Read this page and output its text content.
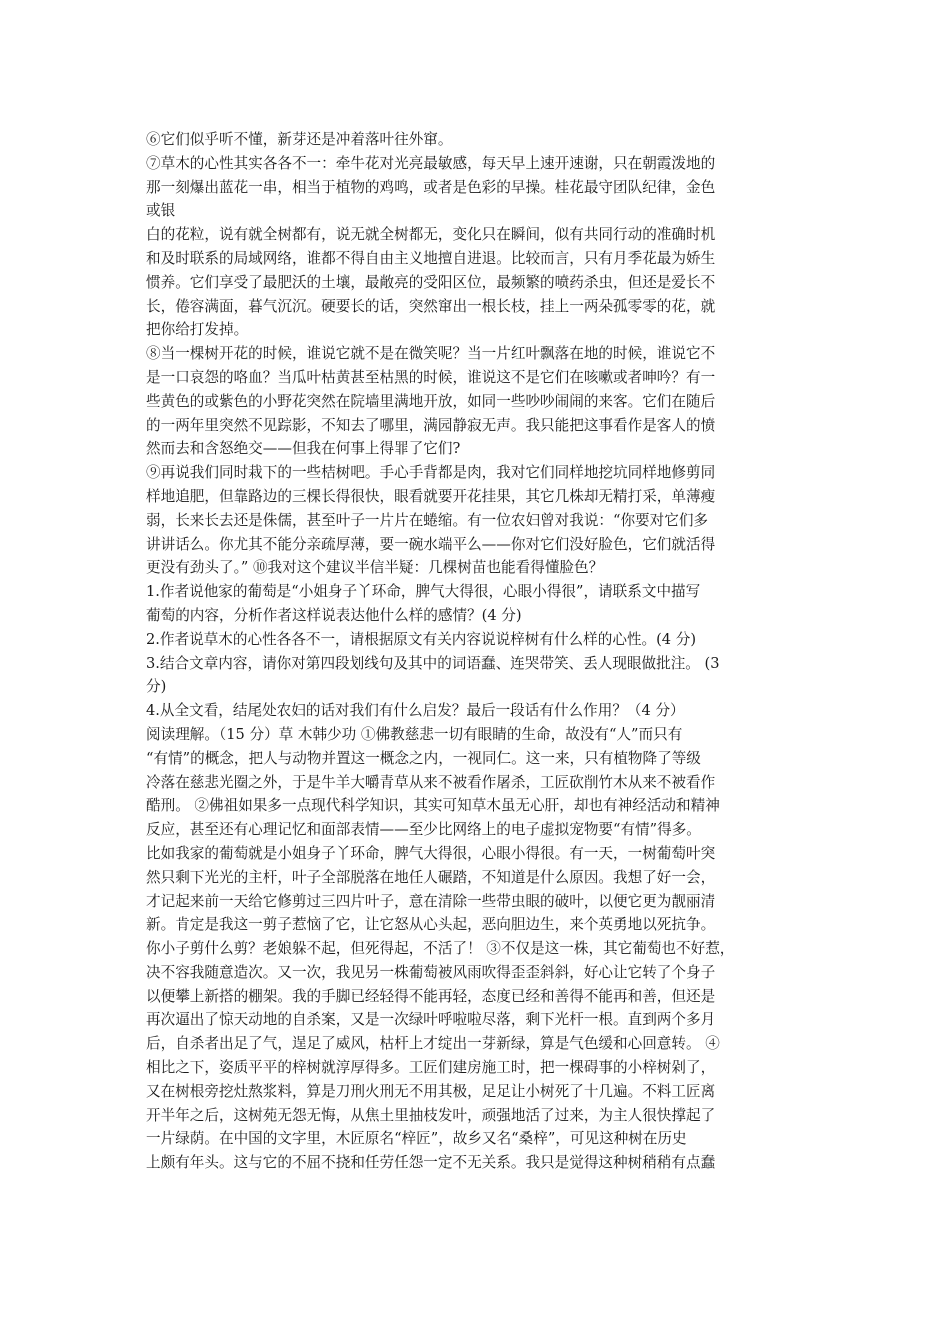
⑥它们似乎听不懂，新芽还是冲着落叶往外窜。
⑦草木的心性其实各各不一：牵牛花对光亮最敏感，每天早上速开速谢，只在朝霞泼地的
那一刻爆出蓝花一串，相当于植物的鸡鸣，或者是色彩的早操。桂花最守团队纪律，金色
或银
白的花粒，说有就全树都有，说无就全树都无，变化只在瞬间，似有共同行动的准确时机
和及时联系的局域网络，谁都不得自由主义地擅自进退。比较而言，只有月季花最为娇生
惯养。它们享受了最肥沃的土壤，最敞亮的受阳区位，最频繁的喷药杀虫，但还是爱长不
长，倦容满面，暮气沉沉。硬要长的话，突然窜出一根长枝，挂上一两朵孤零零的花，就
把你给打发掉。
⑧当一棵树开花的时候，谁说它就不是在微笑呢？当一片红叶飘落在地的时候，谁说它不
是一口哀怨的咯血？当瓜叶枯黄甚至枯黑的时候，谁说这不是它们在咳嗽或者呻吟？有一
些黄色的或紫色的小野花突然在院墙里满地开放，如同一些吵吵闹闹的来客。它们在随后
的一两年里突然不见踪影，不知去了哪里，满园静寂无声。我只能把这事看作是客人的愤
然而去和含怒绝交——但我在何事上得罪了它们?
⑨再说我们同时栽下的一些桔树吧。手心手背都是肉，我对它们同样地挖坑同样地修剪同
样地追肥，但靠路边的三棵长得很快，眼看就要开花挂果，其它几株却无精打采，单薄瘦
弱，长来长去还是侏儒，甚至叶子一片片在蜷缩。有一位农妇曾对我说：“你要对它们多
讲讲话么。你尤其不能分亲疏厚薄，要一碗水端平么——你对它们没好脸色，它们就活得
更没有劲头了。” ⑩我对这个建议半信半疑：几棵树苗也能看得懂脸色？
1.作者说他家的葡萄是“小姐身子丫环命，脾气大得很，心眼小得很”，请联系文中描写
葡萄的内容，分析作者这样说表达他什么样的感情？(4 分)
2.作者说草木的心性各各不一，请根据原文有关内容说说梓树有什么样的心性。(4 分)
3.结合文章内容，请你对第四段划线句及其中的词语蠢、连哭带笑、丢人现眼做批注。 (3
分)
4.从全文看，结尾处农妇的话对我们有什么启发？最后一段话有什么作用？（4 分）
阅读理解。（15 分）草 木韩少功 ①佛教慈悲一切有眼睛的生命，故没有“人”而只有
“有情”的概念，把人与动物并置这一概念之内，一视同仁。这一来，只有植物降了等级
冷落在慈悲光圈之外，于是牛羊大嚼青草从来不被看作屠杀，工匠砍削竹木从来不被看作
酷刑。 ②佛祖如果多一点现代科学知识，其实可知草木虽无心肝，却也有神经活动和精神
反应，甚至还有心理记忆和面部表情——至少比网络上的电子虚拟宠物要“有情”得多。
比如我家的葡萄就是小姐身子丫环命，脾气大得很，心眼小得很。有一天，一树葡萄叶突
然只剩下光光的主杆，叶子全部脱落在地任人碾踏，不知道是什么原因。我想了好一会，
才记起来前一天给它修剪过三四片叶子，意在清除一些带虫眼的破叶，以便它更为靓丽清
新。肯定是我这一剪子惹恼了它，让它怒从心头起，恶向胆边生，来个英勇地以死抗争。
你小子剪什么剪？老娘躲不起，但死得起，不活了！ ③不仅是这一株，其它葡萄也不好惹，
决不容我随意造次。又一次，我见另一株葡萄被风雨吹得歪歪斜斜，好心让它转了个身子
以便攀上新搭的棚架。我的手脚已经轻得不能再轻，态度已经和善得不能再和善，但还是
再次逼出了惊天动地的自杀案，又是一次绿叶呼啦啦尽落，剩下光杆一根。直到两个多月
后，自杀者出足了气，逞足了威风，枯杆上才绽出一芽新绿，算是气色缓和心回意转。 ④
相比之下，姿质平平的梓树就淳厚得多。工匠们建房施工时，把一棵碍事的小梓树剁了，
又在树根旁挖灶熬浆料，算是刀刑火刑无不用其极，足足让小树死了十几遍。不料工匠离
开半年之后，这树苑无怨无悔，从焦土里抽枝发叶，顽强地活了过来，为主人很快撑起了
一片绿荫。在中国的文字里，木匠原名“梓匠”，故乡又名“桑梓”，可见这种树在历史
上颇有年头。这与它的不屈不挠和任劳任怨一定不无关系。我只是觉得这种树稍稍有点蠢
